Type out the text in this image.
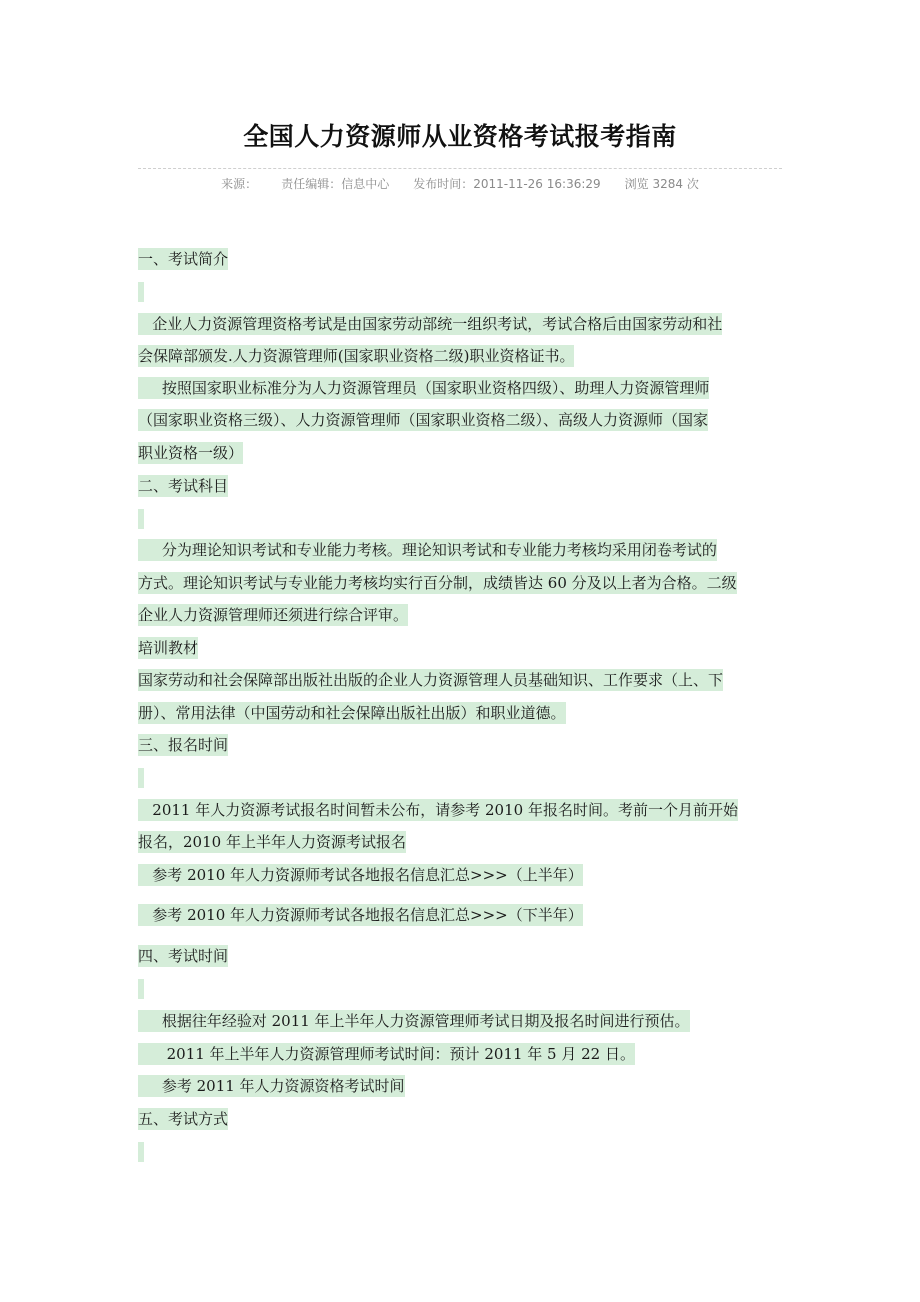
全国人力资源师从业资格考试报考指南
来源： 责任编辑：信息中心 发布时间：2011-11-26 16:36:29 浏览 3284 次
一、考试简介
企业人力资源管理资格考试是由国家劳动部统一组织考试，考试合格后由国家劳动和社
会保障部颁发.人力资源管理师(国家职业资格二级)职业资格证书。
按照国家职业标准分为人力资源管理员（国家职业资格四级）、助理人力资源管理师
（国家职业资格三级）、人力资源管理师（国家职业资格二级）、高级人力资源师（国家
职业资格一级）
二、考试科目
分为理论知识考试和专业能力考核。理论知识考试和专业能力考核均采用闭卷考试的
方式。理论知识考试与专业能力考核均实行百分制，成绩皆达 60 分及以上者为合格。二级
企业人力资源管理师还须进行综合评审。
培训教材
国家劳动和社会保障部出版社出版的企业人力资源管理人员基础知识、工作要求（上、下
册）、常用法律（中国劳动和社会保障出版社出版）和职业道德。
三、报名时间
2011 年人力资源考试报名时间暂未公布，请参考 2010 年报名时间。考前一个月前开始
报名，2010 年上半年人力资源考试报名
参考 2010 年人力资源师考试各地报名信息汇总>>>（上半年）
参考 2010 年人力资源师考试各地报名信息汇总>>>（下半年）
四、考试时间
根据往年经验对 2011 年上半年人力资源管理师考试日期及报名时间进行预估。
2011 年上半年人力资源管理师考试时间：预计 2011 年 5 月 22 日。
参考 2011 年人力资源资格考试时间
五、考试方式
